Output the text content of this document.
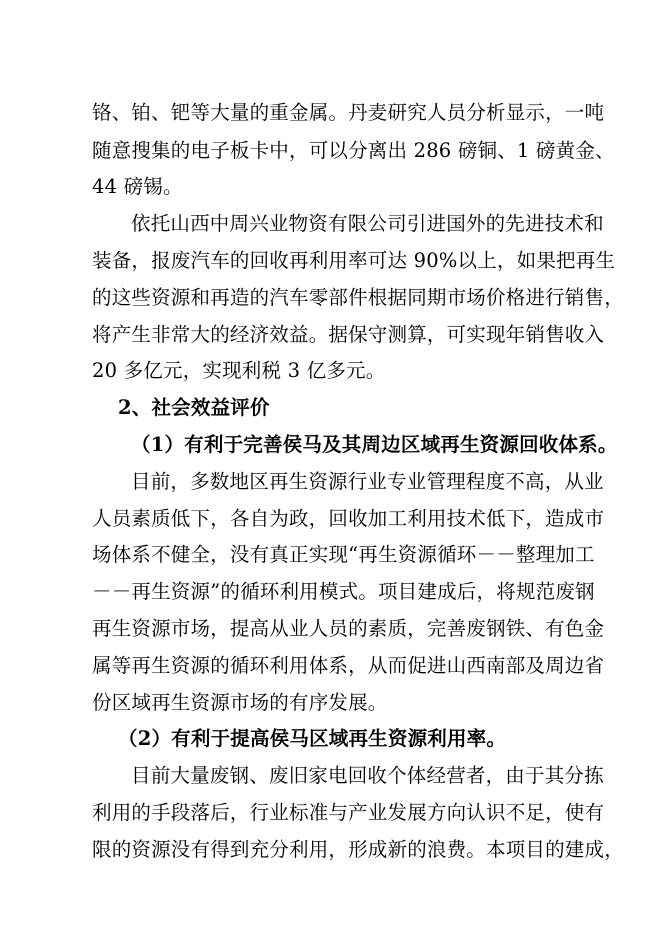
铬、铂、钯等大量的重金属。丹麦研究人员分析显示，一吨
随意搜集的电子板卡中，可以分离出 286 磅铜、1 磅黄金、
44 磅锡。
依托山西中周兴业物资有限公司引进国外的先进技术和
装备，报废汽车的回收再利用率可达 90%以上，如果把再生
的这些资源和再造的汽车零部件根据同期市场价格进行销售，
将产生非常大的经济效益。据保守测算，可实现年销售收入
20 多亿元，实现利税 3 亿多元。
2、社会效益评价
（1）有利于完善侯马及其周边区域再生资源回收体系。
目前，多数地区再生资源行业专业管理程度不高，从业
人员素质低下，各自为政，回收加工利用技术低下，造成市
场体系不健全，没有真正实现“再生资源循环－－整理加工
－－再生资源”的循环利用模式。项目建成后，将规范废钢
再生资源市场，提高从业人员的素质，完善废钢铁、有色金
属等再生资源的循环利用体系，从而促进山西南部及周边省
份区域再生资源市场的有序发展。
（2）有利于提高侯马区域再生资源利用率。
目前大量废钢、废旧家电回收个体经营者，由于其分拣
利用的手段落后，行业标准与产业发展方向认识不足，使有
限的资源没有得到充分利用，形成新的浪费。本项目的建成，
